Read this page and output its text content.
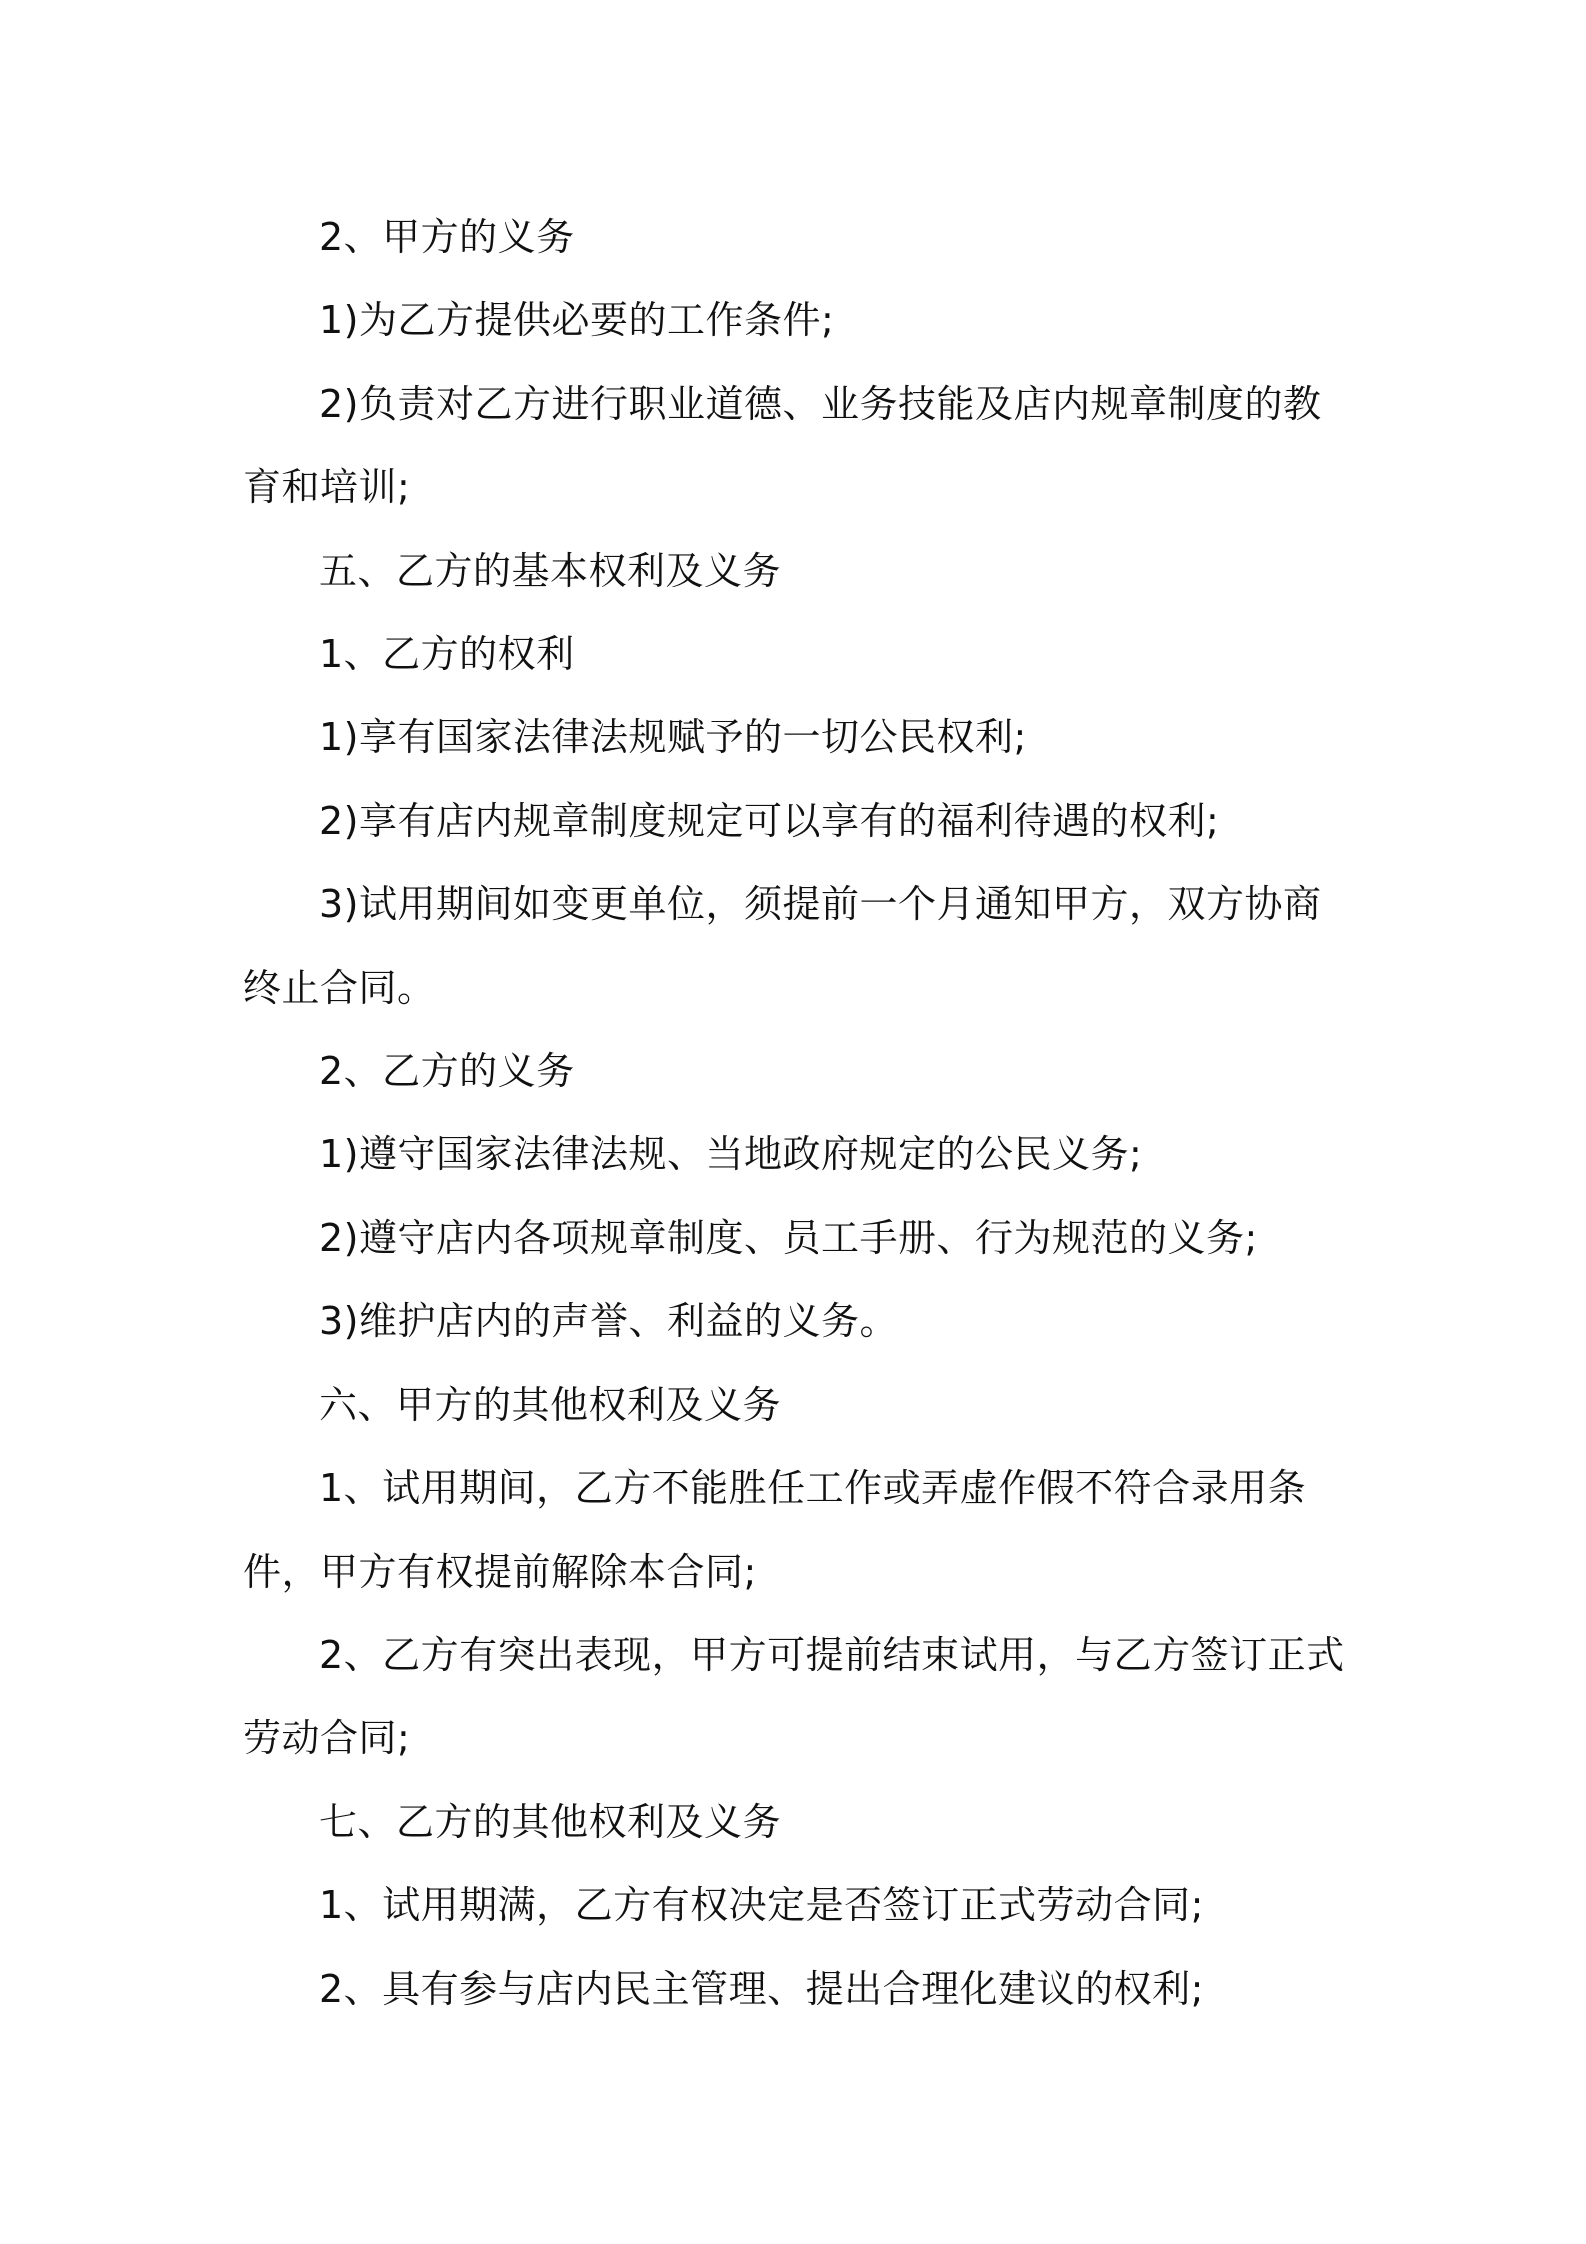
2、甲方的义务

1)为乙方提供必要的工作条件;

2)负责对乙方进行职业道德、业务技能及店内规章制度的教育和培训;

五、乙方的基本权利及义务

1、乙方的权利

1)享有国家法律法规赋予的一切公民权利;

2)享有店内规章制度规定可以享有的福利待遇的权利;

3)试用期间如变更单位，须提前一个月通知甲方，双方协商终止合同。

2、乙方的义务

1)遵守国家法律法规、当地政府规定的公民义务;

2)遵守店内各项规章制度、员工手册、行为规范的义务;

3)维护店内的声誉、利益的义务。

六、甲方的其他权利及义务

1、试用期间，乙方不能胜任工作或弄虚作假不符合录用条件，甲方有权提前解除本合同;

2、乙方有突出表现，甲方可提前结束试用，与乙方签订正式劳动合同;

七、乙方的其他权利及义务

1、试用期满，乙方有权决定是否签订正式劳动合同;

2、具有参与店内民主管理、提出合理化建议的权利;
